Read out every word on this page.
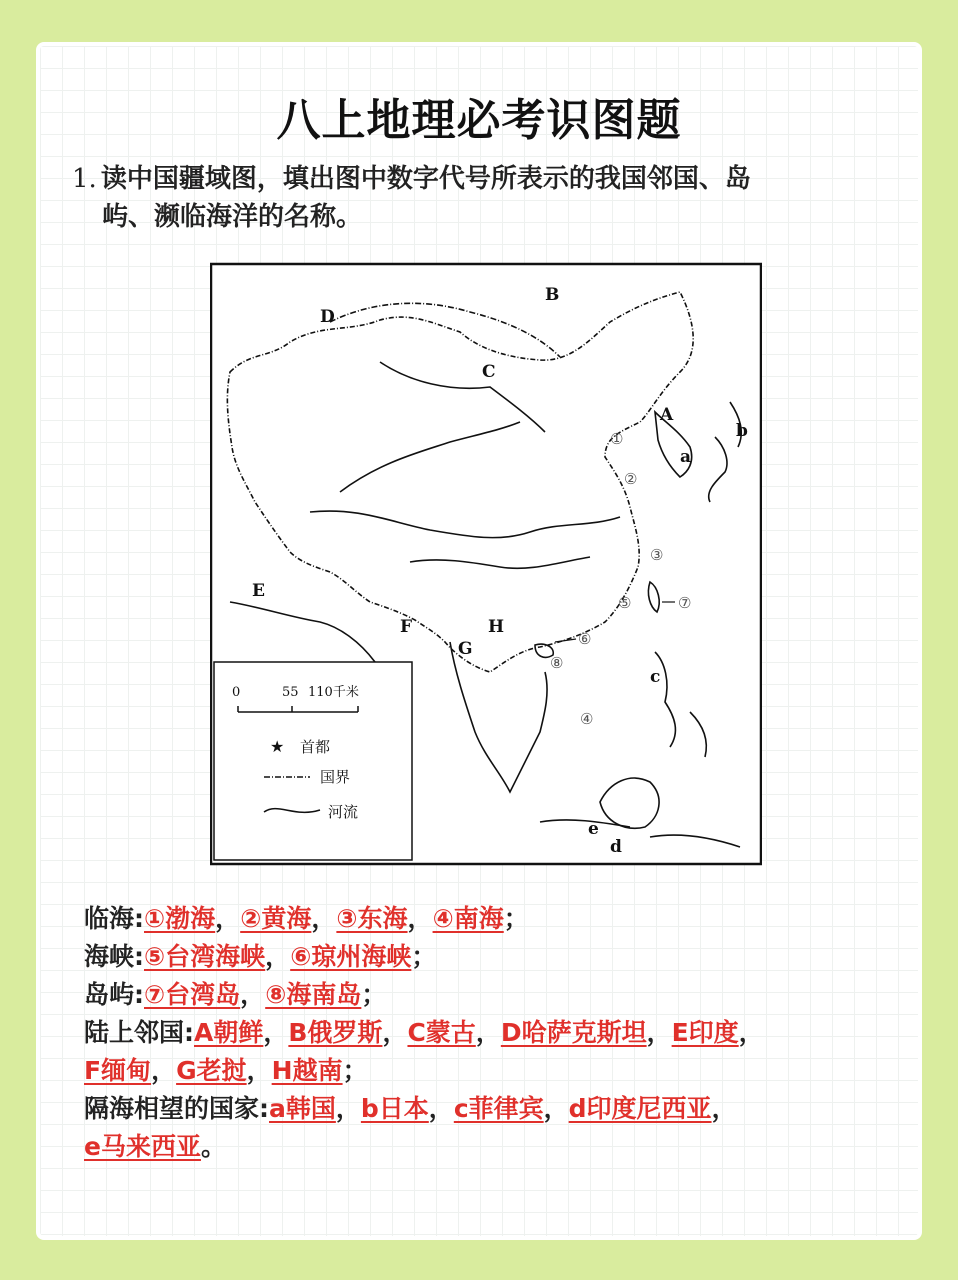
八上地理必考识图题
1. 读中国疆域图，填出图中数字代号所表示的我国邻国、岛
屿、濒临海洋的名称。
A
B
C
D
E
F
G
H
a
b
c
d
e
①
②
③
④
⑤
⑥
⑦
⑧
0	55 110千米
★ 首都
国界
河流
临海:①渤海，②黄海，③东海，④南海；
海峡:⑤台湾海峡，⑥琼州海峡；
岛屿:⑦台湾岛，⑧海南岛；
陆上邻国:A朝鲜，B俄罗斯，C蒙古，D哈萨克斯坦，E印度，
F缅甸，G老挝，H越南；
隔海相望的国家:a韩国，b日本，c菲律宾，d印度尼西亚，
e马来西亚。
